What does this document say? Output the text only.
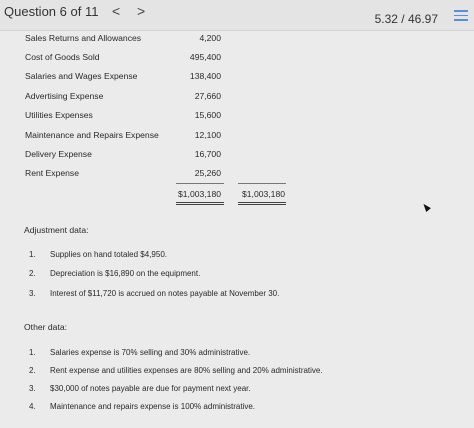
Question 6 of 11 < >	5.32 / 46.97
Sales Returns and Allowances	4,200
Cost of Goods Sold	495,400
Salaries and Wages Expense	138,400
Advertising Expense	27,660
Utilities Expenses	15,600
Maintenance and Repairs Expense	12,100
Delivery Expense	16,700
Rent Expense	25,260
$1,003,180 $1,003,180
Adjustment data:
1. Supplies on hand totaled $4,950.
2. Depreciation is $16,890 on the equipment.
3. Interest of $11,720 is accrued on notes payable at November 30.
Other data:
1. Salaries expense is 70% selling and 30% administrative.
2. Rent expense and utilities expenses are 80% selling and 20% administrative.
3. $30,000 of notes payable are due for payment next year.
4. Maintenance and repairs expense is 100% administrative.
